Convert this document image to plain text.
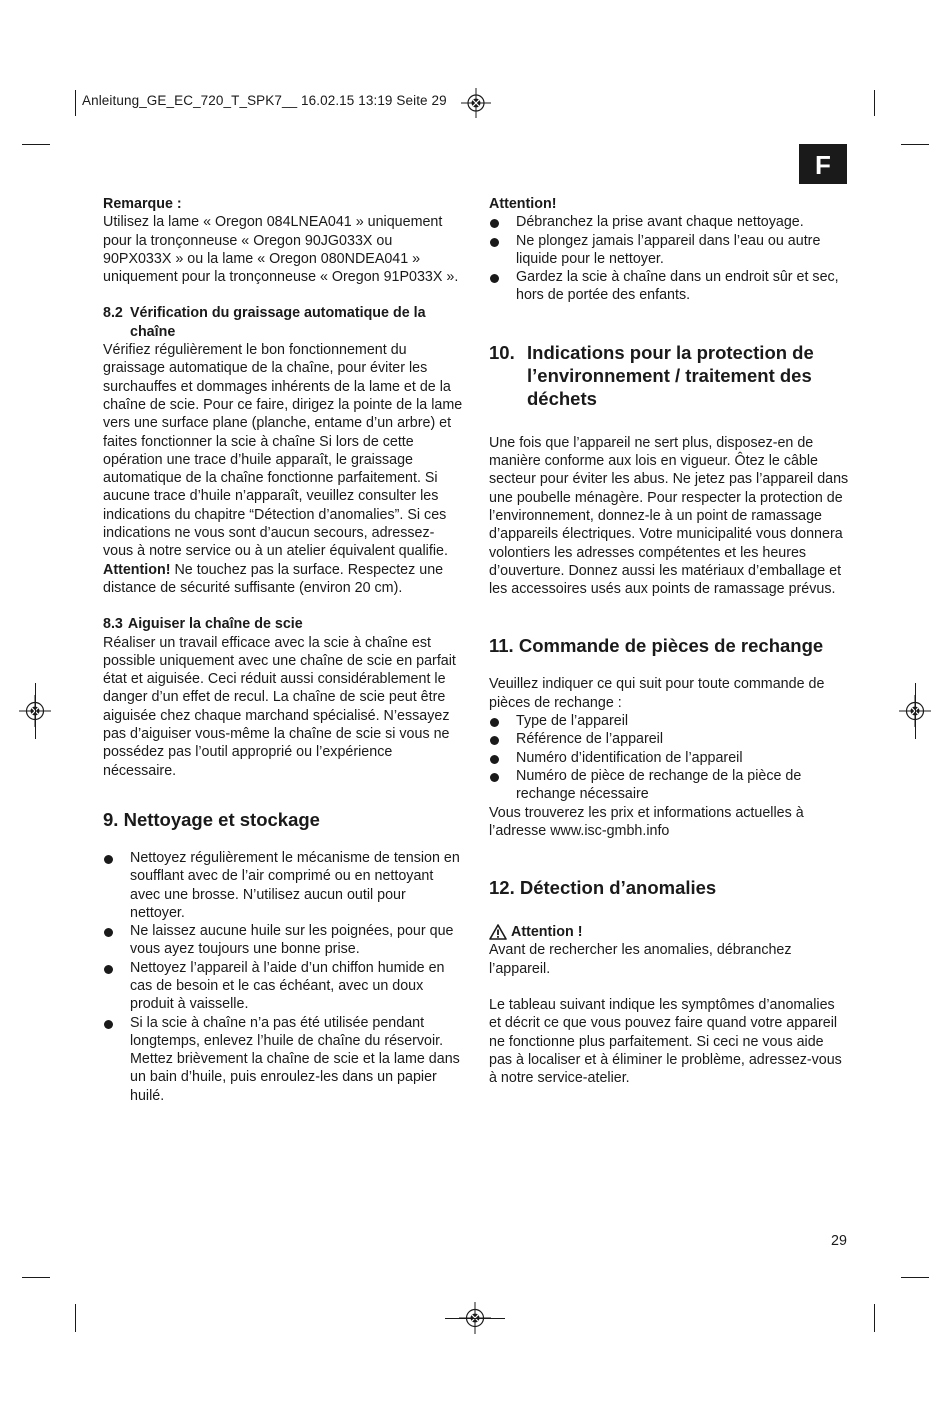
Anleitung_GE_EC_720_T_SPK7__ 16.02.15 13:19 Seite 29
F

Remarque :

Utilisez la lame « Oregon 084LNEA041 » uniquement pour la tronçonneuse « Oregon 90JG033X ou 90PX033X » ou la lame « Oregon 080NDEA041 » uniquement pour la tronçonneuse « Oregon 91P033X ».

8.2 Vérification du graissage automatique de la chaîne

Vérifiez régulièrement le bon fonctionnement du graissage automatique de la chaîne, pour éviter les surchauffes et dommages inhérents de la lame et de la chaîne de scie. Pour ce faire, dirigez la pointe de la lame vers une surface plane (planche, entame d’un arbre) et faites fonctionner la scie à chaîne Si lors de cette opération une trace d’huile apparaît, le graissage automatique de la chaîne fonctionne parfaitement. Si aucune trace d’huile n’apparaît, veuillez consulter les indications du chapitre “Détection d’anomalies”. Si ces indications ne vous sont d’aucun secours, adressez-vous à notre service ou à un atelier équivalent qualifie.

Attention! Ne touchez pas la surface. Respectez une distance de sécurité suffisante (environ 20 cm).

8.3 Aiguiser la chaîne de scie

Réaliser un travail efficace avec la scie à chaîne est possible uniquement avec une chaîne de scie en parfait état et aiguisée. Ceci réduit aussi considérablement le danger d’un effet de recul. La chaîne de scie peut être aiguisée chez chaque marchand spécialisé. N’essayez pas d’aiguiser vous-même la chaîne de scie si vous ne possédez pas l’outil approprié ou l’expérience nécessaire.

9. Nettoyage et stockage
Nettoyez régulièrement le mécanisme de tension en soufflant avec de l’air comprimé ou en nettoyant avec une brosse. N’utilisez aucun outil pour nettoyer.
Ne laissez aucune huile sur les poignées, pour que vous ayez toujours une bonne prise.
Nettoyez l’appareil à l’aide d’un chiffon humide en cas de besoin et le cas échéant, avec un doux produit à vaisselle.
Si la scie à chaîne n’a pas été utilisée pendant longtemps, enlevez l’huile de chaîne du réservoir. Mettez brièvement la chaîne de scie et la lame dans un bain d’huile, puis enroulez-les dans un papier huilé.

Attention!

Débranchez la prise avant chaque nettoyage.
Ne plongez jamais l’appareil dans l’eau ou autre liquide pour le nettoyer.
Gardez la scie à chaîne dans un endroit sûr et sec, hors de portée des enfants.
10. Indications pour la protection de l’environnement / traitement des déchets

Une fois que l’appareil ne sert plus, disposez-en de manière conforme aux lois en vigueur. Ôtez le câble secteur pour éviter les abus. Ne jetez pas l’appareil dans une poubelle ménagère. Pour respecter la protection de l’environnement, donnez-le à un point de ramassage d’appareils électriques. Votre municipalité vous donnera volontiers les adresses compétentes et les heures d’ouverture. Donnez aussi les matériaux d’emballage et les accessoires usés aux points de ramassage prévus.

11. Commande de pièces de rechange

Veuillez indiquer ce qui suit pour toute commande de pièces de rechange :

Type de l’appareil
Référence de l’appareil
Numéro d’identification de l’appareil
Numéro de pièce de rechange de la pièce de rechange nécessaire

Vous trouverez les prix et informations actuelles à l’adresse www.isc-gmbh.info

12. Détection d’anomalies
Attention !

Avant de rechercher les anomalies, débranchez l’appareil.

Le tableau suivant indique les symptômes d’anomalies et décrit ce que vous pouvez faire quand votre appareil ne fonctionne plus parfaitement. Si ceci ne vous aide pas à localiser et à éliminer le problème, adressez-vous à notre service-atelier.

29
